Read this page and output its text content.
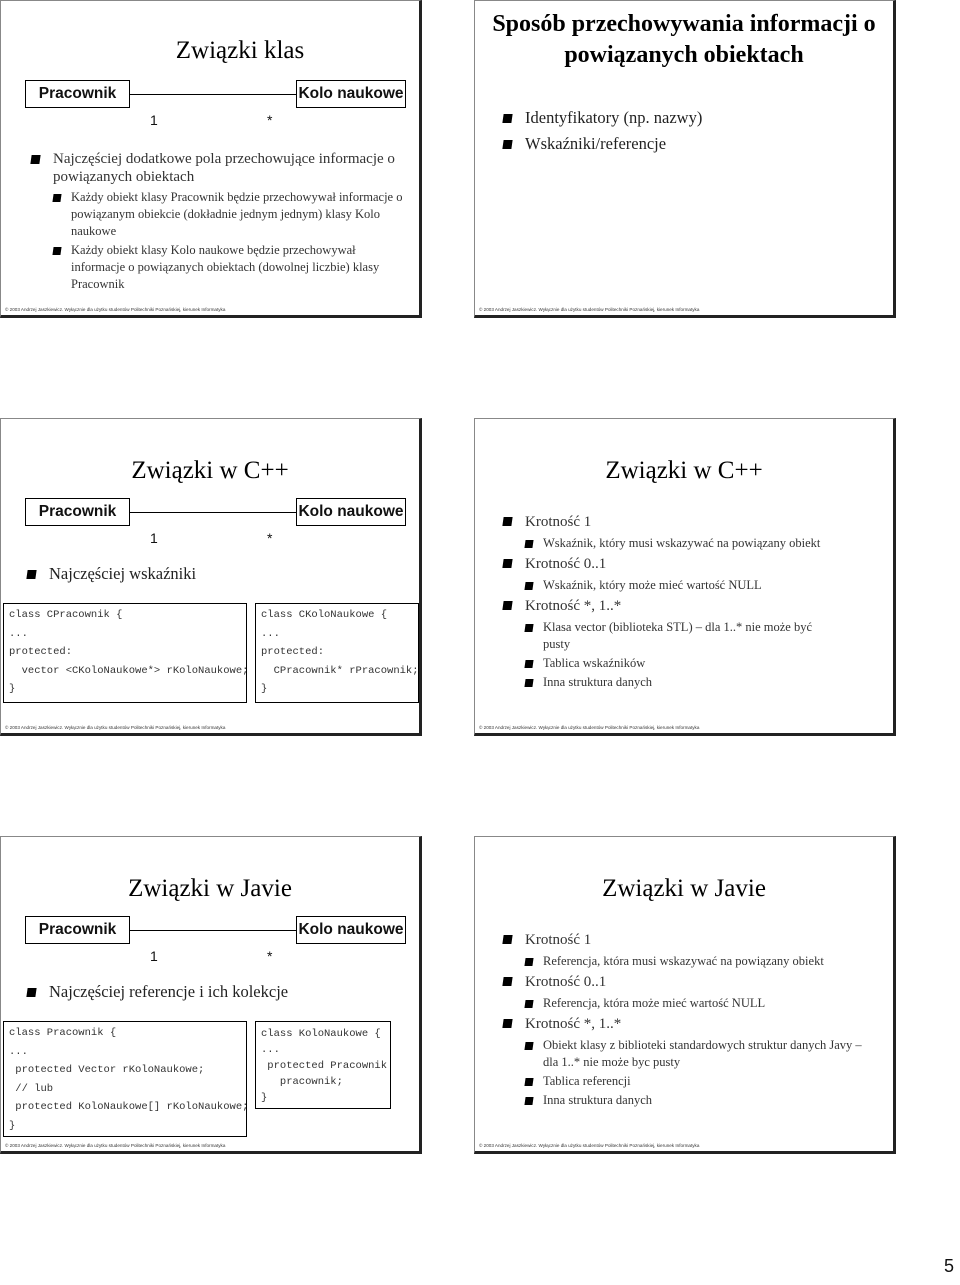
Związki klas
Pracownik	Kolo naukowe
1	*
Najczęściej dodatkowe pola przechowujące informacje o powiązanych obiektach
Każdy obiekt klasy Pracownik będzie przechowywał informacje o powiązanym obiekcie (dokładnie jednym jednym) klasy Kolo naukowe
Każdy obiekt klasy Kolo naukowe będzie przechowywał informacje o powiązanych obiektach (dowolnej liczbie) klasy Pracownik
© 2003 Andrzej Jaszkiewicz. Wyłącznie dla użytku studentów Politechniki Poznańskiej, kierunek Informatyka
Sposób przechowywania informacji o powiązanych obiektach
Identyfikatory (np. nazwy)
Wskaźniki/referencje
© 2003 Andrzej Jaszkiewicz. Wyłącznie dla użytku studentów Politechniki Poznańskiej, kierunek Informatyka
Związki w C++
Pracownik	Kolo naukowe
1	*
Najczęściej wskaźniki
class CPracownik {
...
protected:
vector <CKoloNaukowe*> rKoloNaukowe;
}
class CKoloNaukowe {
...
protected:
CPracownik* rPracownik;
}
© 2003 Andrzej Jaszkiewicz. Wyłącznie dla użytku studentów Politechniki Poznańskiej, kierunek Informatyka
Związki w C++
Krotność 1
Wskaźnik, który musi wskazywać na powiązany obiekt
Krotność 0..1
Wskaźnik, który może mieć wartość NULL
Krotność *, 1..*
Klasa vector (biblioteka STL) – dla 1..* nie może być pusty
Tablica wskaźników
Inna struktura danych
© 2003 Andrzej Jaszkiewicz. Wyłącznie dla użytku studentów Politechniki Poznańskiej, kierunek Informatyka
Związki w Javie
Pracownik	Kolo naukowe
1	*
Najczęściej referencje i ich kolekcje
class Pracownik {
...
protected Vector rKoloNaukowe;
// lub
protected KoloNaukowe[] rKoloNaukowe;
}
class KoloNaukowe {
...
protected Pracownik
pracownik;
}
© 2003 Andrzej Jaszkiewicz. Wyłącznie dla użytku studentów Politechniki Poznańskiej, kierunek Informatyka
Związki w Javie
Krotność 1
Referencja, która musi wskazywać na powiązany obiekt
Krotność 0..1
Referencja, która może mieć wartość NULL
Krotność *, 1..*
Obiekt klasy z biblioteki standardowych struktur danych Javy – dla 1..* nie może byc pusty
Tablica referencji
Inna struktura danych
© 2003 Andrzej Jaszkiewicz. Wyłącznie dla użytku studentów Politechniki Poznańskiej, kierunek Informatyka
5
